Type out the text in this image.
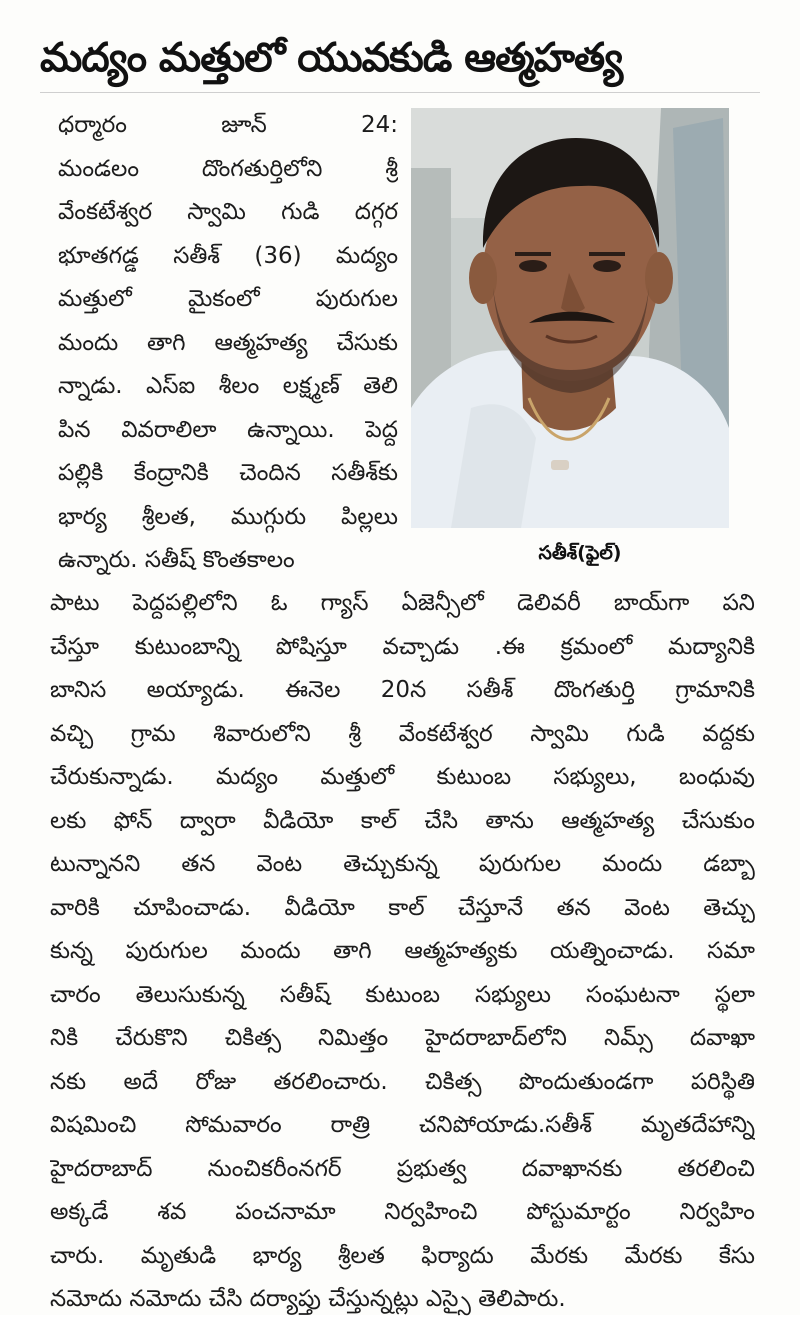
మద్యం మత్తులో యువకుడి ఆత్మహత్య
ధర్మారం	జూన్	24:
మండలం	దొంగతుర్తిలోని	శ్రీ
వేంకటేశ్వర స్వామి గుడి దగ్గర
భూతగడ్డ సతీశ్ (36) మద్యం
మత్తులో మైకంలో పురుగుల
మందు తాగి ఆత్మహత్య చేసుకు
న్నాడు. ఎస్ఐ శీలం లక్ష్మణ్ తెలి
పిన వివరాలిలా ఉన్నాయి. పెద్ద
పల్లికి కేంద్రానికి చెందిన సతీశ్‌కు
భార్య శ్రీలత, ముగ్గురు పిల్లలు
ఉన్నారు. సతీష్ కొంతకాలం	సతీశ్‌(ఫైల్‌)
పాటు పెద్దపల్లిలోని ఓ గ్యాస్ ఏజెన్సీలో డెలివరీ బాయ్‌గా పని
చేస్తూ కుటుంబాన్ని పోషిస్తూ వచ్చాడు .ఈ క్రమంలో మద్యానికి
బానిస అయ్యాడు. ఈనెల 20న సతీశ్ దొంగతుర్తి గ్రామానికి
వచ్చి గ్రామ శివారులోని శ్రీ వేంకటేశ్వర స్వామి గుడి వద్దకు
చేరుకున్నాడు. మద్యం మత్తులో కుటుంబ సభ్యులు, బంధువు
లకు ఫోన్ ద్వారా వీడియో కాల్ చేసి తాను ఆత్మహత్య చేసుకుం
టున్నానని తన వెంట తెచ్చుకున్న పురుగుల మందు డబ్బా
వారికి చూపించాడు. వీడియో కాల్ చేస్తూనే తన వెంట తెచ్చు
కున్న పురుగుల మందు తాగి ఆత్మహత్యకు యత్నించాడు. సమా
చారం తెలుసుకున్న సతీష్ కుటుంబ సభ్యులు సంఘటనా స్థలా
నికి చేరుకొని చికిత్స నిమిత్తం హైదరాబాద్‌లోని నిమ్స్ దవాఖా
నకు అదే రోజు తరలించారు. చికిత్స పొందుతుండగా పరిస్థితి
విషమించి సోమవారం రాత్రి చనిపోయాడు.సతీశ్ మృతదేహాన్ని
హైదరాబాద్ నుంచికరీంనగర్ ప్రభుత్వ దవాఖానకు తరలించి
అక్కడే శవ పంచనామా నిర్వహించి పోస్టుమార్టం నిర్వహిం
చారు. మృతుడి భార్య శ్రీలత ఫిర్యాదు మేరకు మేరకు కేసు
నమోదు నమోదు చేసి దర్యాప్తు చేస్తున్నట్లు ఎస్సై తెలిపారు.
